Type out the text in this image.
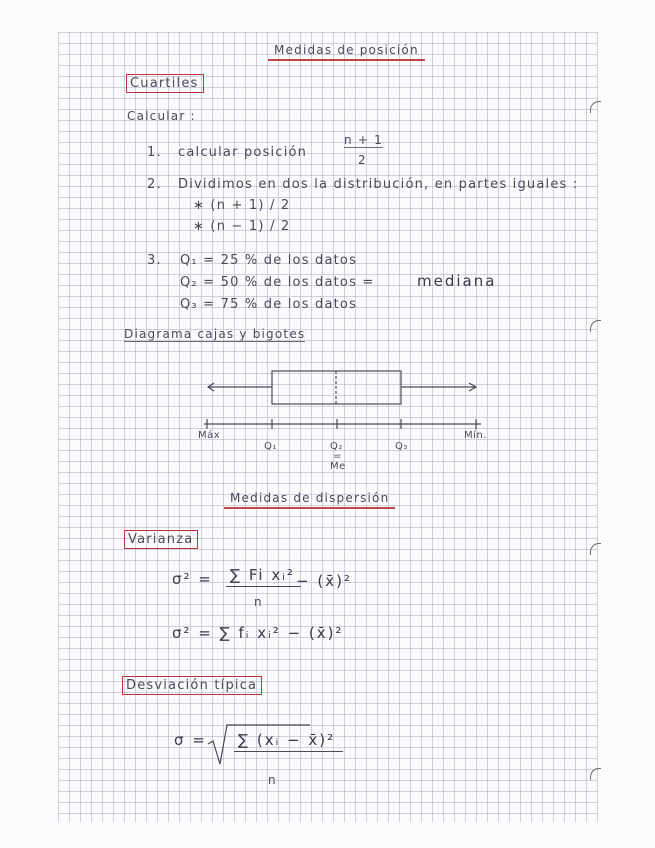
Medidas de posición
Cuartiles
Calcular :
1. calcular posición
n + 1
2
2. Dividimos en dos la distribución, en partes iguales :
∗ (n + 1) / 2
∗ (n − 1) / 2
3. Q₁ = 25 % de los datos
Q₂ = 50 % de los datos =	mediana
Q₃ = 75 % de los datos
Diagrama cajas y bigotes
Máx
Q₁	Q₂
=
Me
Q₃
Mín.
Medidas de dispersión
Varianza
σ² = ∑ Fi xᵢ²
n
− (x̄)²
σ² = ∑ fᵢ xᵢ² − (x̄)²
Desviación típica
σ = ∑ (xᵢ − x̄)²
n
